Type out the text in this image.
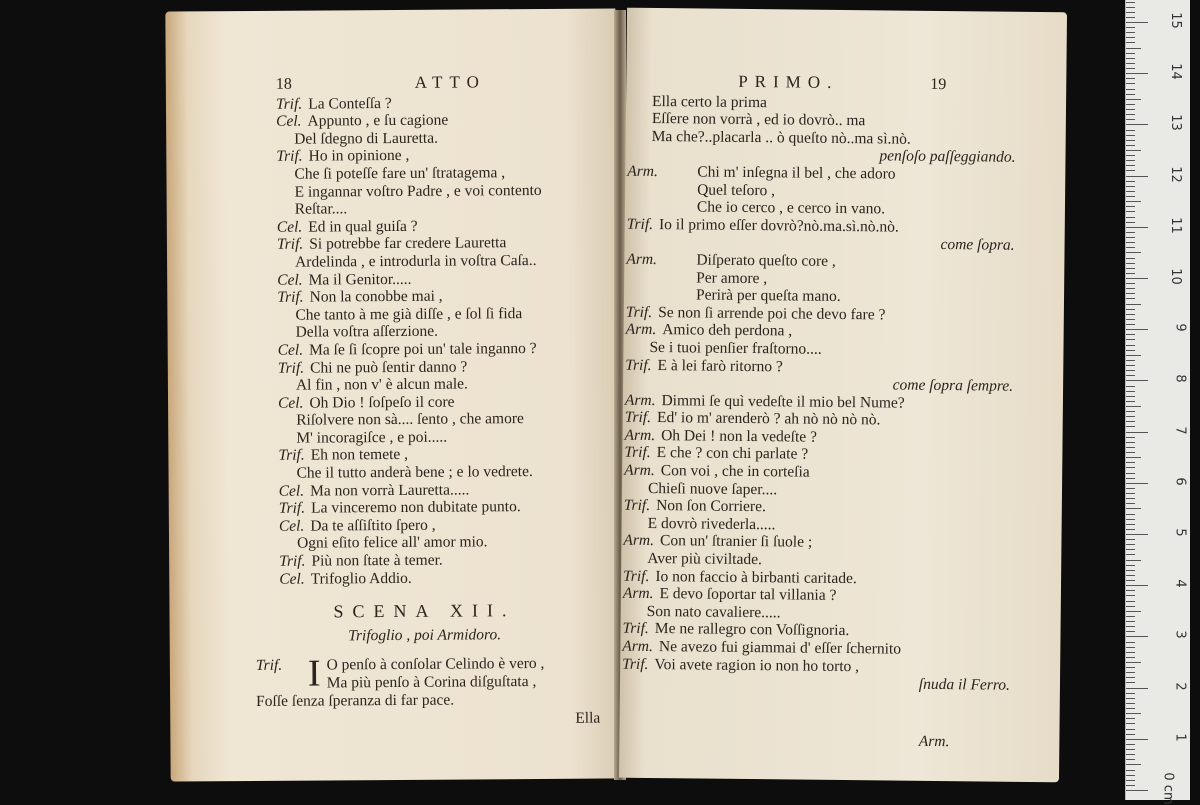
18	ATTO
Trif. La Conteſſa ?
Cel. Appunto , e ſu cagione
Del ſdegno di Lauretta.
Trif. Ho in opinione ,
Che ſi poteſſe fare un' ſtratagema ,
E ingannar voſtro Padre , e voi contento
Reſtar....
Cel. Ed in qual guiſa ?
Trif. Si potrebbe far credere Lauretta
Ardelinda , e introdurla in voſtra Caſa..
Cel. Ma il Genitor.....
Trif. Non la conobbe mai ,
Che tanto à me già diſſe , e ſol ſi fida
Della voſtra aſſerzione.
Cel. Ma ſe ſi ſcopre poi un' tale inganno ?
Trif. Chi ne può ſentir danno ?
Al fin , non v' è alcun male.
Cel. Oh Dio ! ſoſpeſo il core
Riſolvere non sà.... ſento , che amore
M' incoragiſce , e poi.....
Trif. Eh non temete ,
Che il tutto anderà bene ; e lo vedrete.
Cel. Ma non vorrà Lauretta.....
Trif. La vinceremo non dubitate punto.
Cel. Da te aſſiſtito ſpero ,
Ogni eſito felice all' amor mio.
Trif. Più non ſtate à temer.
Cel. Trifoglio Addio.
SCENA XII.
Trifoglio , poi Armidoro.
Trif. I O penſo à conſolar Celindo è vero ,
Ma più penſo à Corina diſguſtata ,
Foſſe ſenza ſperanza di far pace.
Ella
PRIMO.	19
Ella certo la prima
Eſſere non vorrà , ed io dovrò.. ma
Ma che?..placarla .. ò queſto nò..ma sì.nò.
penſoſo paſſeggiando.
Arm.	Chi m' inſegna il bel , che adoro
Quel teſoro ,
Che io cerco , e cerco in vano.
Trif. Io il primo eſſer dovrò?nò.ma.sì.nò.nò.
come ſopra.
Arm.	Diſperato queſto core ,
Per amore ,
Perirà per queſta mano.
Trif. Se non ſi arrende poi che devo fare ?
Arm. Amico deh perdona ,
Se i tuoi penſier fraſtorno....
Trif. E à lei farò ritorno ?
come ſopra ſempre.
Arm. Dimmi ſe quì vedeſte il mio bel Nume?
Trif. Ed' io m' arenderò ? ah nò nò nò nò.
Arm. Oh Dei ! non la vedeſte ?
Trif. E che ? con chi parlate ?
Arm. Con voi , che in corteſia
Chieſi nuove ſaper....
Trif. Non ſon Corriere.
E dovrò rivederla.....
Arm. Con un' ſtranier ſi ſuole ;
Aver più civiltade.
Trif. Io non faccio à birbanti caritade.
Arm. E devo ſoportar tal villania ?
Son nato cavaliere.....
Trif. Me ne rallegro con Voſſignoria.
Arm. Ne avezo fui giammai d' eſſer ſchernito
Trif. Voi avete ragion io non ho torto ,
ſnuda il Ferro.
Arm.
0 cm
1
2
3
4
5
6
7
8
9
10
11
12
13
14
15
